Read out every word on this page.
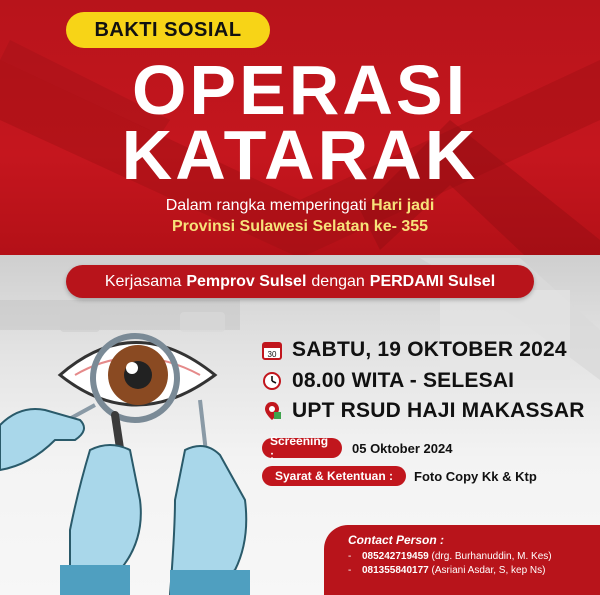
BAKTI SOSIAL
OPERASI
KATARAK
Dalam rangka memperingati Hari jadi
Provinsi Sulawesi Selatan ke- 355
Kerjasama Pemprov Sulsel dengan PERDAMI Sulsel
30 SABTU, 19 OKTOBER 2024
08.00 WITA - SELESAI
UPT RSUD HAJI MAKASSAR
Screening :	05 Oktober 2024
Syarat & Ketentuan :	Foto Copy Kk & Ktp
Contact Person :
- 085242719459 (drg. Burhanuddin, M. Kes)
- 081355840177 (Asriani Asdar, S, kep Ns)
